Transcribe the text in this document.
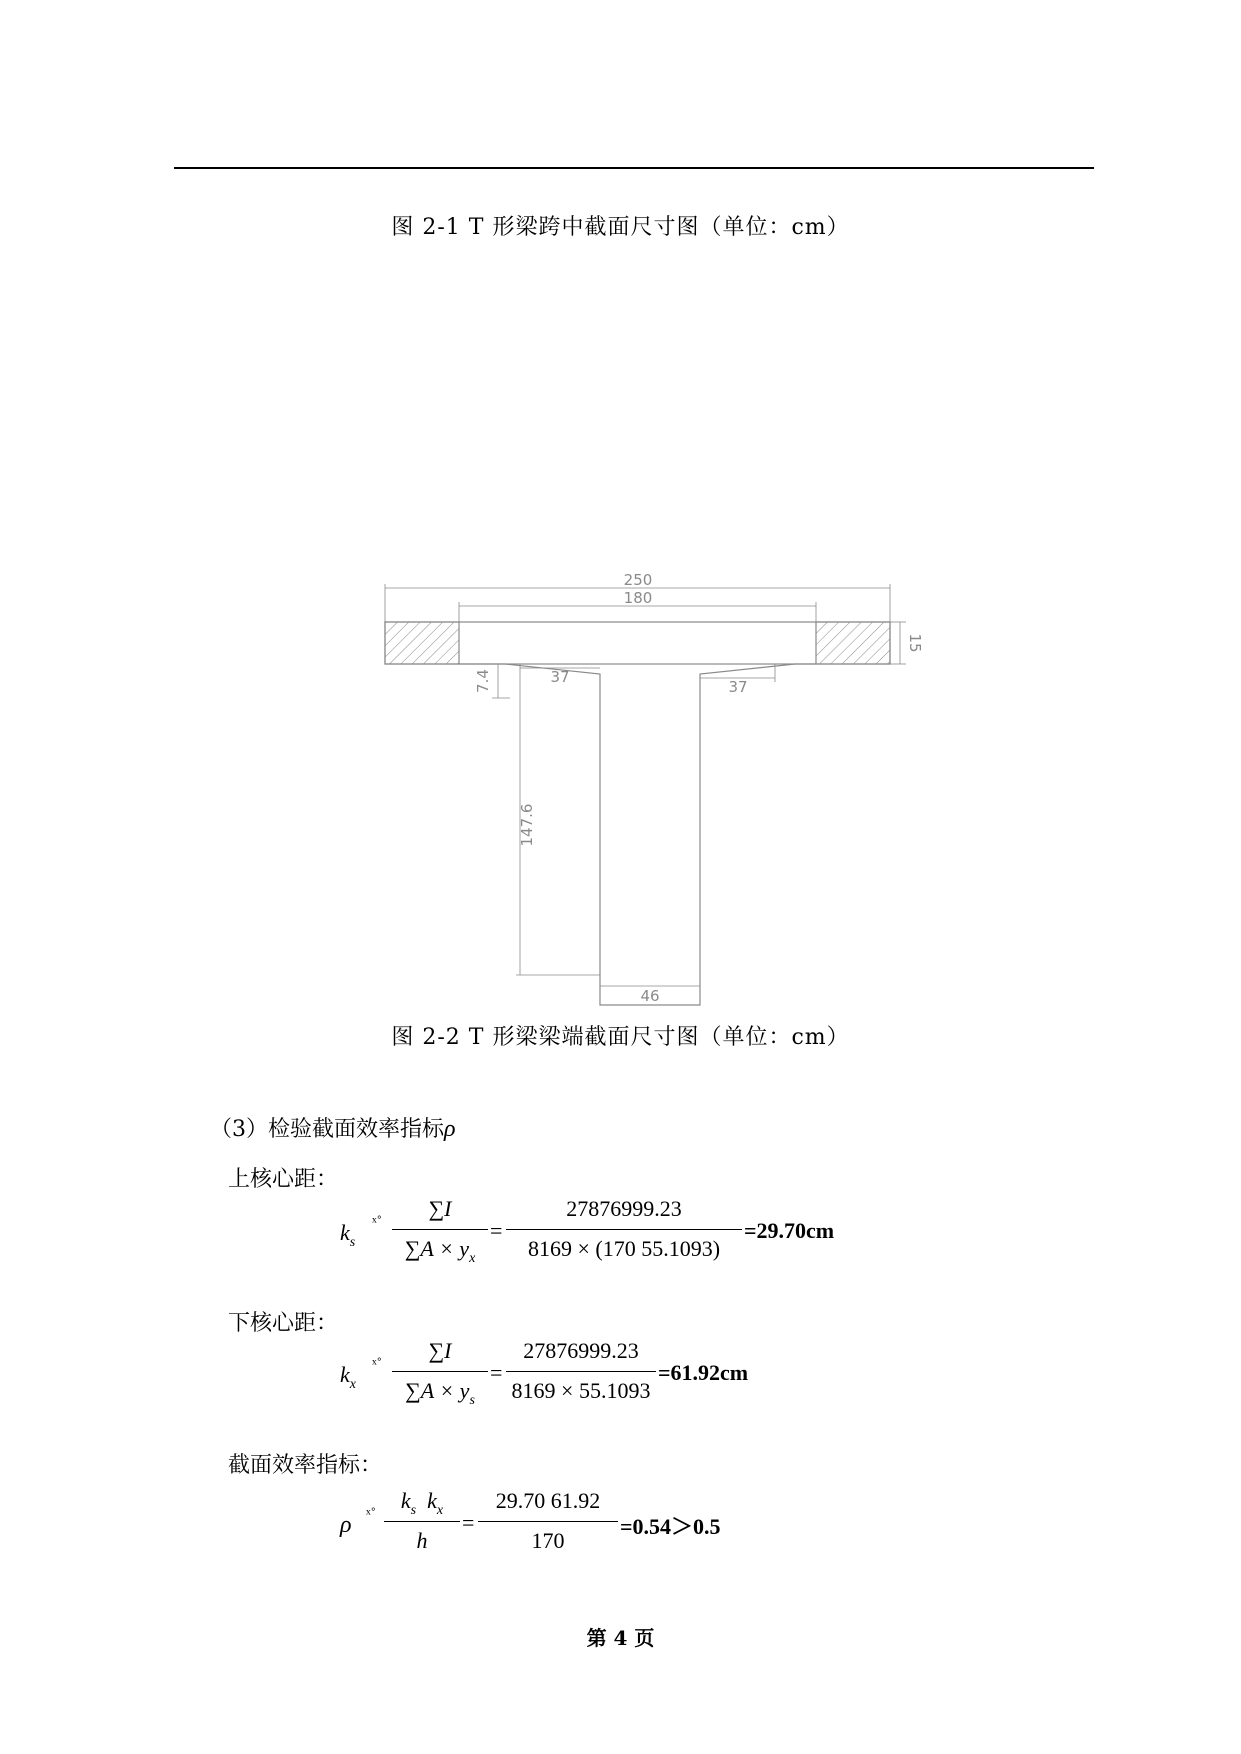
图 2-1 T 形梁跨中截面尺寸图（单位：cm）
250
180
15
7.4	37
37
147.6
46
图 2-2 T 形梁梁端截面尺寸图（单位：cm）
（3）检验截面效率指标ρ
上核心距：
$k_s$
ˣ˚
∑I
$\sum A \times y_x$
=
27876999.23
8169 × (170 55.1093)
=29.70cm
下核心距：
$k_x$
ˣ˚
∑I
$\sum A \times y_s$
=
27876999.23
8169 × 55.1093
=61.92cm
截面效率指标：
ρ ˣ˚
$k_s$ $k_x$
h
=
29.70 61.92
170
=0.54＞0.5
第 4 页
